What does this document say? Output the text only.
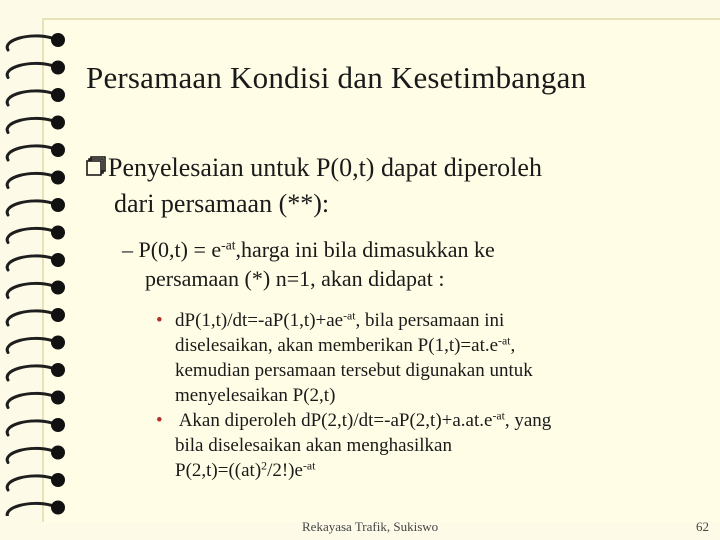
Persamaan Kondisi dan Kesetimbangan
Penyelesaian untuk P(0,t) dapat diperoleh
dari persamaan (**):
– $P(0,t) = e^{-at},harga$ ini bila dimasukkan ke
persamaan (*) n=1, akan didapat :
• $dP(1,t)/dt=-aP(1,t)+ae^{-at}$, bila persamaan ini
diselesaikan, akan memberikan $P(1,t)=at.e^{-at}$,
kemudian persamaan tersebut digunakan untuk
menyelesaikan P(2,t)
• Akan diperoleh $dP(2,t)/dt=-aP(2,t)+a.at.e^{-at}$, yang
bila diselesaikan akan menghasilkan
$P(2,t)=((at)^2/2!)e^{-at}$
Rekayasa Trafik, Sukiswo	62
